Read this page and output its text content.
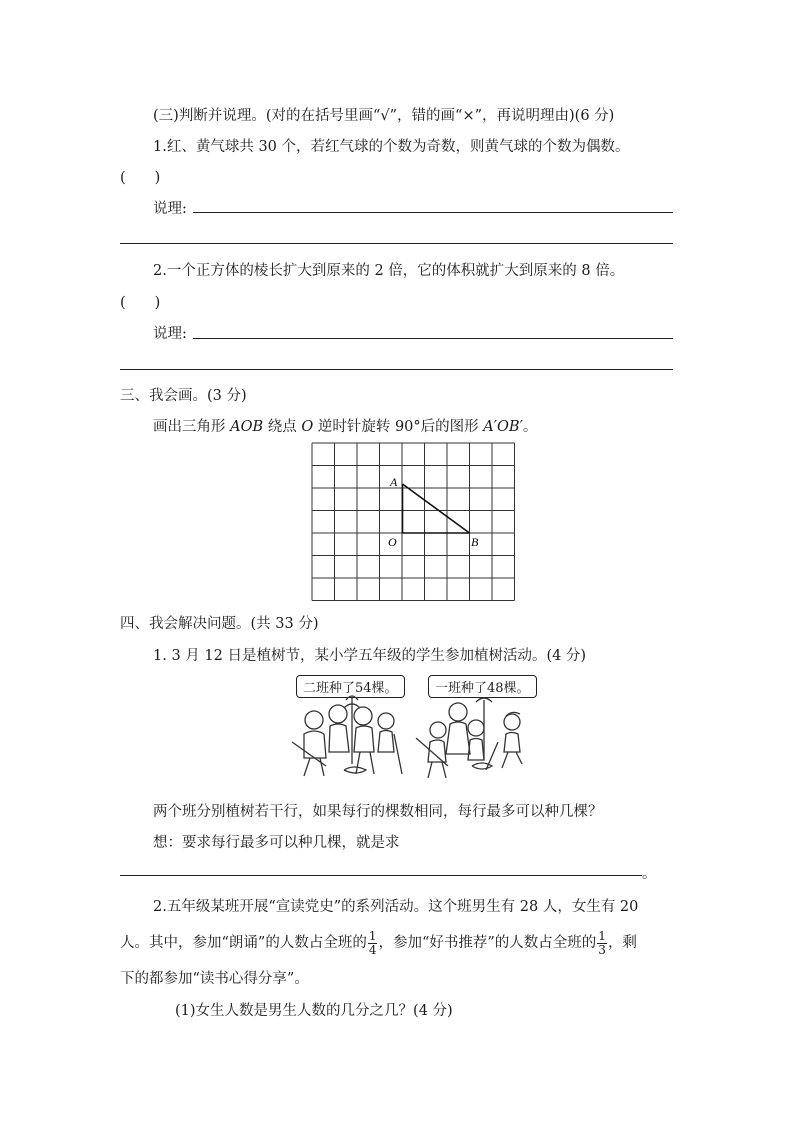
(三)判断并说理。(对的在括号里画“√”，错的画“×”，再说明理由)(6 分)
1.红、黄气球共 30 个，若红气球的个数为奇数，则黄气球的个数为偶数。
(　　)
说理:
2.一个正方体的棱长扩大到原来的 2 倍，它的体积就扩大到原来的 8 倍。
(　　)
说理:
三、我会画。(3 分)
画出三角形 AOB 绕点 O 逆时针旋转 90°后的图形 A′OB′。
A
O	B
四、我会解决问题。(共 33 分)
1. 3 月 12 日是植树节，某小学五年级的学生参加植树活动。(4 分)
二班种了54棵。	一班种了48棵。
两个班分别植树若干行，如果每行的棵数相同，每行最多可以种几棵？
想：要求每行最多可以种几棵，就是求
。
2.五年级某班开展“宣读党史”的系列活动。这个班男生有 28 人，女生有 20
人。其中，参加“朗诵”的人数占全班的 $\frac{1}{4}$ ，参加“好书推荐”的人数占全班的 $\frac{1}{3}$ ，剩
下的都参加“读书心得分享”。
(1)女生人数是男生人数的几分之几？(4 分)
